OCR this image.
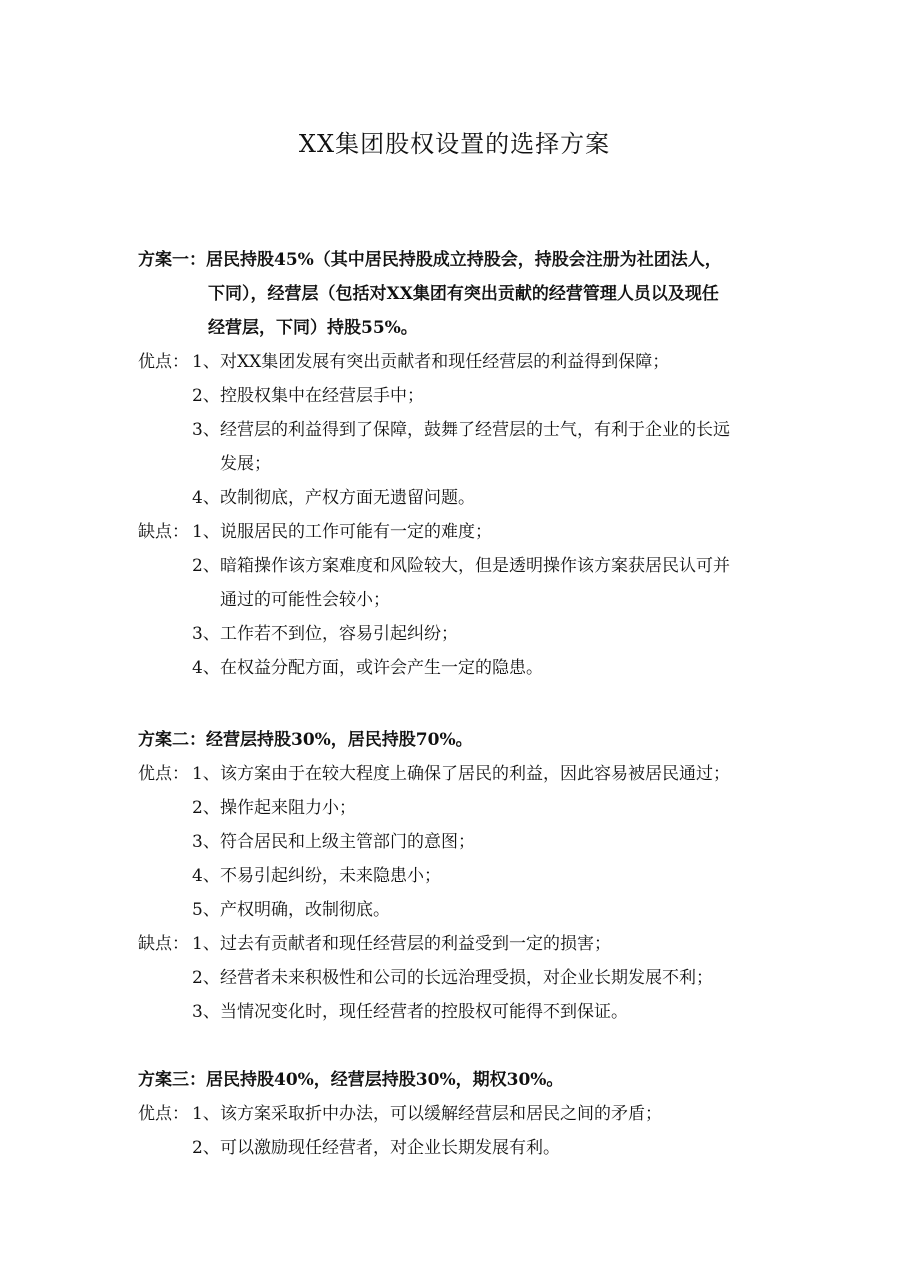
XX集团股权设置的选择方案
方案一：居民持股45%（其中居民持股成立持股会，持股会注册为社团法人，
下同），经营层（包括对XX集团有突出贡献的经营管理人员以及现任
经营层，下同）持股55%。
优点： 1、 对XX集团发展有突出贡献者和现任经营层的利益得到保障；
2、 控股权集中在经营层手中；
3、 经营层的利益得到了保障，鼓舞了经营层的士气，有利于企业的长远
发展；
4、 改制彻底，产权方面无遗留问题。
缺点： 1、 说服居民的工作可能有一定的难度；
2、 暗箱操作该方案难度和风险较大，但是透明操作该方案获居民认可并
通过的可能性会较小；
3、 工作若不到位，容易引起纠纷；
4、 在权益分配方面，或许会产生一定的隐患。
方案二：经营层持股30%，居民持股70%。
优点： 1、 该方案由于在较大程度上确保了居民的利益，因此容易被居民通过；
2、 操作起来阻力小；
3、 符合居民和上级主管部门的意图；
4、 不易引起纠纷，未来隐患小；
5、 产权明确，改制彻底。
缺点： 1、 过去有贡献者和现任经营层的利益受到一定的损害；
2、 经营者未来积极性和公司的长远治理受损，对企业长期发展不利；
3、 当情况变化时，现任经营者的控股权可能得不到保证。
方案三：居民持股40%，经营层持股30%，期权30%。
优点： 1、 该方案采取折中办法，可以缓解经营层和居民之间的矛盾；
2、 可以激励现任经营者，对企业长期发展有利。
